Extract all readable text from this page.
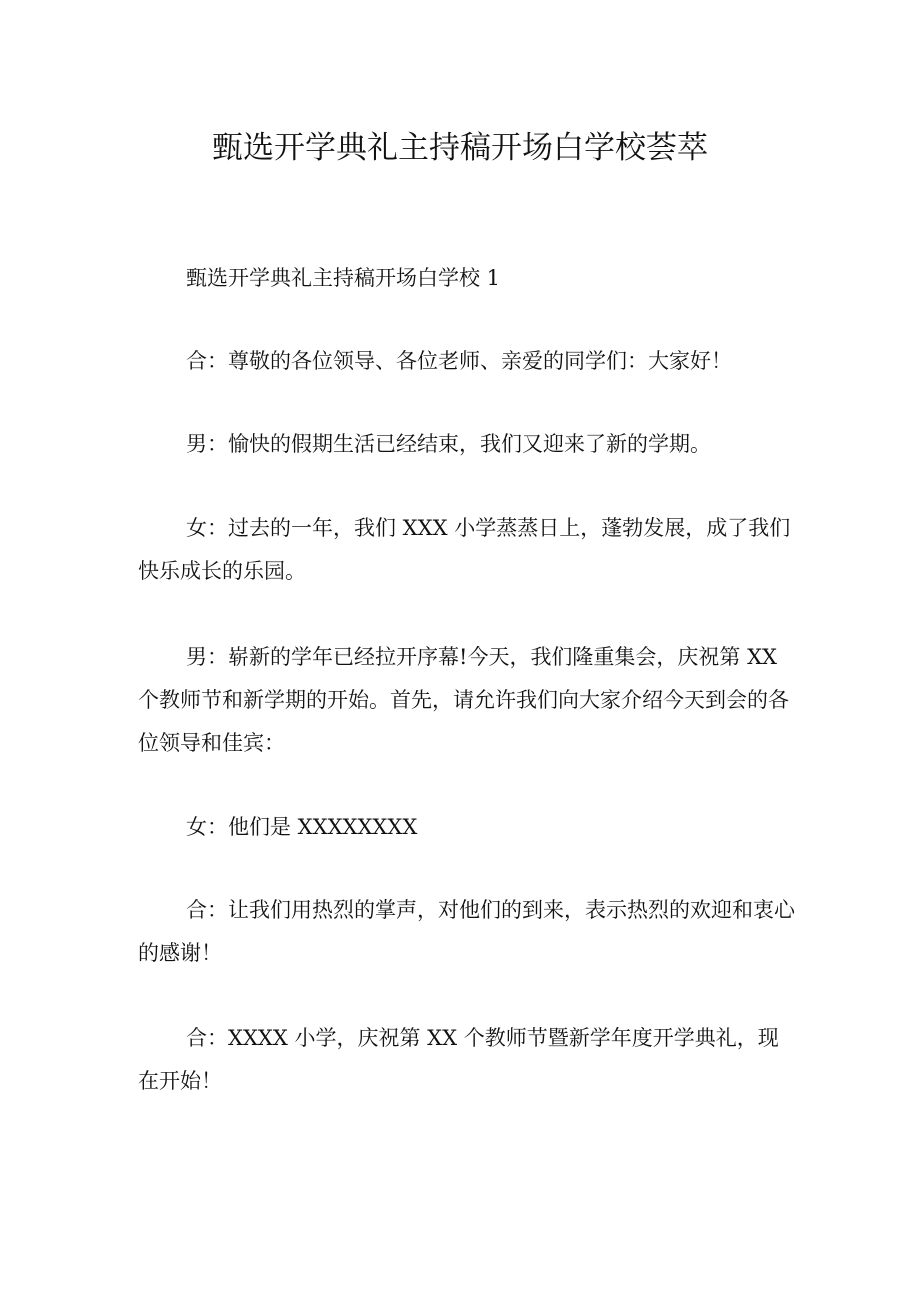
甄选开学典礼主持稿开场白学校荟萃

甄选开学典礼主持稿开场白学校 1

合：尊敬的各位领导、各位老师、亲爱的同学们：大家好！

男：愉快的假期生活已经结束，我们又迎来了新的学期。

女：过去的一年，我们 XXX 小学蒸蒸日上，蓬勃发展，成了我们快乐成长的乐园。

男：崭新的学年已经拉开序幕!今天，我们隆重集会，庆祝第 XX 个教师节和新学期的开始。首先，请允许我们向大家介绍今天到会的各位领导和佳宾：

女：他们是 XXXXXXXX

合：让我们用热烈的掌声，对他们的到来，表示热烈的欢迎和衷心的感谢！

合：XXXX 小学，庆祝第 XX 个教师节暨新学年度开学典礼，现在开始！
